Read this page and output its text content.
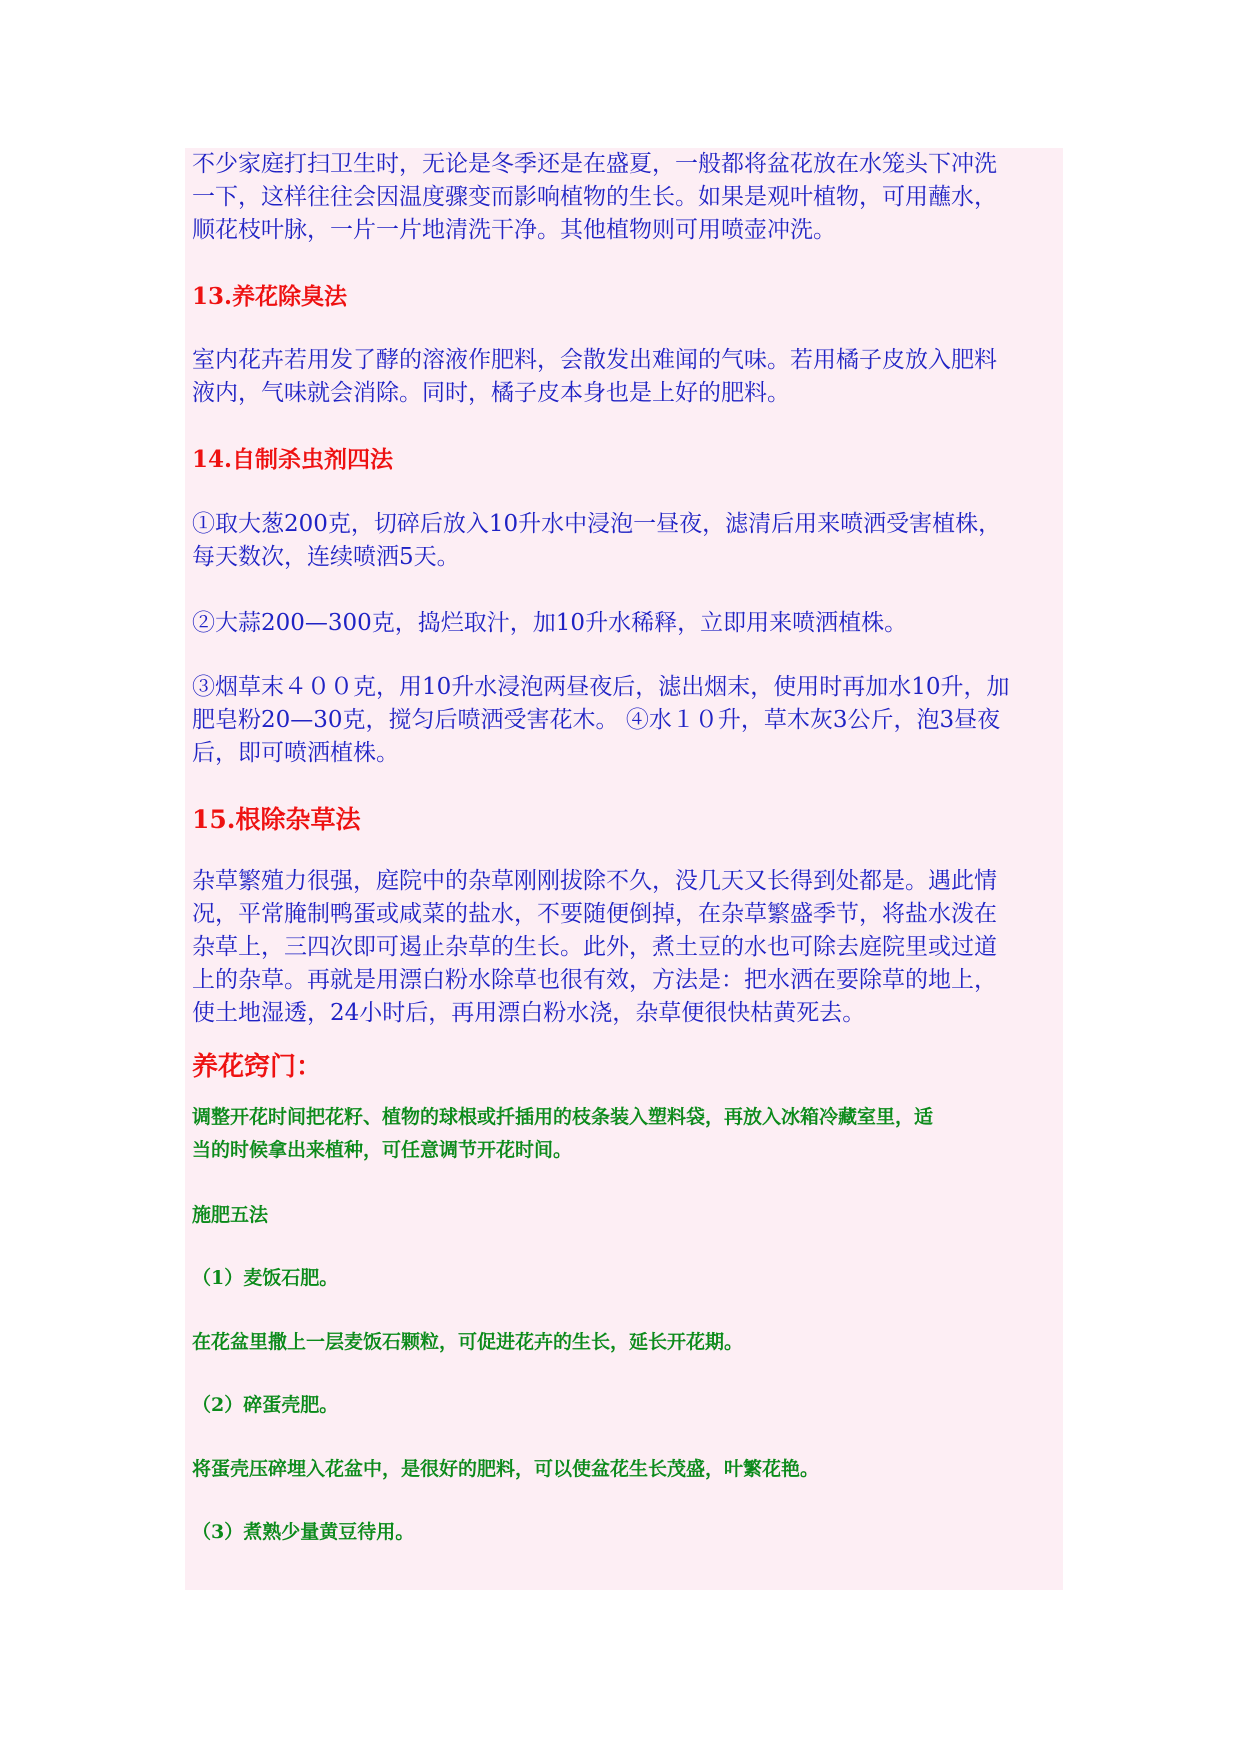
不少家庭打扫卫生时，无论是冬季还是在盛夏，一般都将盆花放在水笼头下冲洗
一下，这样往往会因温度骤变而影响植物的生长。如果是观叶植物，可用蘸水，
顺花枝叶脉，一片一片地清洗干净。其他植物则可用喷壶冲洗。

13.养花除臭法

室内花卉若用发了酵的溶液作肥料，会散发出难闻的气味。若用橘子皮放入肥料
液内，气味就会消除。同时，橘子皮本身也是上好的肥料。

14.自制杀虫剂四法

①取大葱200克，切碎后放入10升水中浸泡一昼夜，滤清后用来喷洒受害植株，
每天数次，连续喷洒5天。

②大蒜200—300克，捣烂取汁，加10升水稀释，立即用来喷洒植株。

③烟草末４００克，用10升水浸泡两昼夜后，滤出烟末，使用时再加水10升，加
肥皂粉20—30克，搅匀后喷洒受害花木。 ④水１０升，草木灰3公斤，泡3昼夜
后，即可喷洒植株。

15.根除杂草法

杂草繁殖力很强，庭院中的杂草刚刚拔除不久，没几天又长得到处都是。遇此情
况，平常腌制鸭蛋或咸菜的盐水，不要随便倒掉，在杂草繁盛季节，将盐水泼在
杂草上，三四次即可遏止杂草的生长。此外，煮土豆的水也可除去庭院里或过道
上的杂草。再就是用漂白粉水除草也很有效，方法是：把水洒在要除草的地上，
使土地湿透，24小时后，再用漂白粉水浇，杂草便很快枯黄死去。

养花窍门：

调整开花时间把花籽、植物的球根或扦插用的枝条装入塑料袋，再放入冰箱冷藏室里，适
当的时候拿出来植种，可任意调节开花时间。

施肥五法

（1）麦饭石肥。

在花盆里撒上一层麦饭石颗粒，可促进花卉的生长，延长开花期。

（2）碎蛋壳肥。

将蛋壳压碎埋入花盆中，是很好的肥料，可以使盆花生长茂盛，叶繁花艳。

（3）煮熟少量黄豆待用。
